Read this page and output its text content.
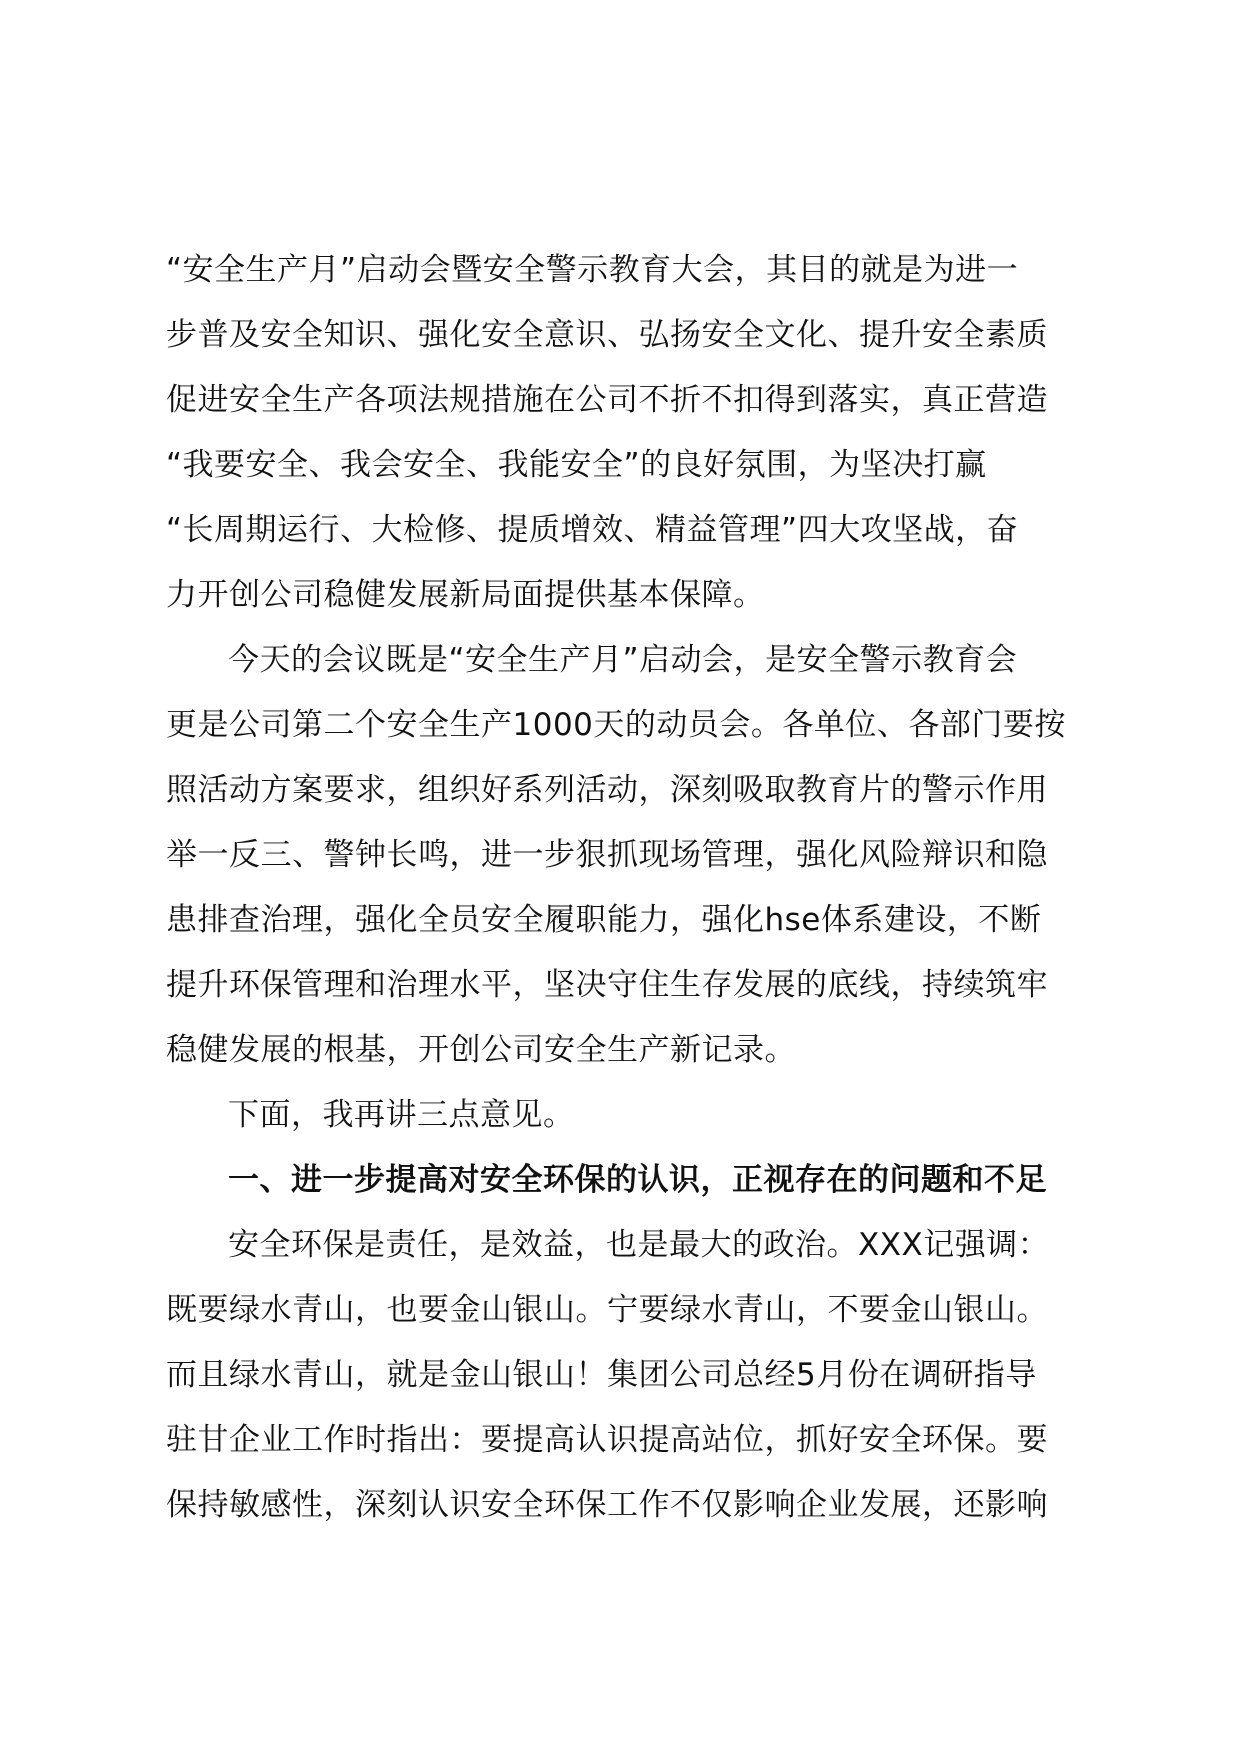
“安全生产月”启动会暨安全警示教育大会，其目的就是为进一
步普及安全知识、强化安全意识、弘扬安全文化、提升安全素质
促进安全生产各项法规措施在公司不折不扣得到落实，真正营造
“我要安全、我会安全、我能安全”的良好氛围，为坚决打赢
“长周期运行、大检修、提质增效、精益管理”四大攻坚战，奋
力开创公司稳健发展新局面提供基本保障。
今天的会议既是“安全生产月”启动会，是安全警示教育会
更是公司第二个安全生产1000天的动员会。各单位、各部门要按
照活动方案要求，组织好系列活动，深刻吸取教育片的警示作用
举一反三、警钟长鸣，进一步狠抓现场管理，强化风险辩识和隐
患排查治理，强化全员安全履职能力，强化hse体系建设，不断
提升环保管理和治理水平，坚决守住生存发展的底线，持续筑牢
稳健发展的根基，开创公司安全生产新记录。
下面，我再讲三点意见。
一、进一步提高对安全环保的认识，正视存在的问题和不足
安全环保是责任，是效益，也是最大的政治。XXX记强调：
既要绿水青山，也要金山银山。宁要绿水青山，不要金山银山。
而且绿水青山，就是金山银山！集团公司总经5月份在调研指导
驻甘企业工作时指出：要提高认识提高站位，抓好安全环保。要
保持敏感性，深刻认识安全环保工作不仅影响企业发展，还影响
